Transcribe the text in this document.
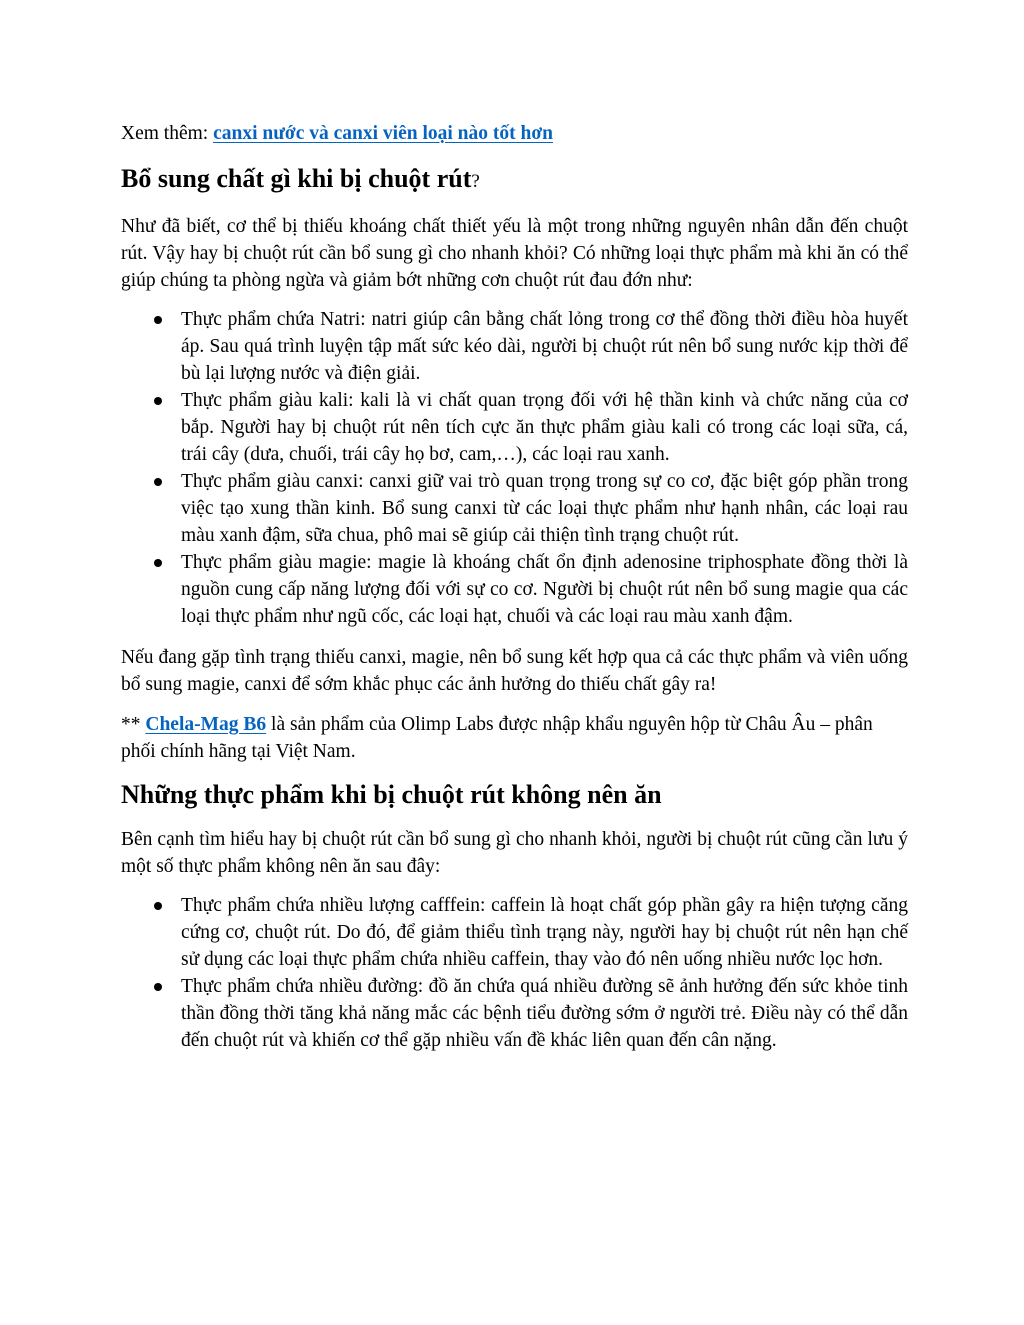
Xem thêm: canxi nước và canxi viên loại nào tốt hơn

Bổ sung chất gì khi bị chuột rút?

Như đã biết, cơ thể bị thiếu khoáng chất thiết yếu là một trong những nguyên nhân dẫn đến chuột rút. Vậy hay bị chuột rút cần bổ sung gì cho nhanh khỏi? Có những loại thực phẩm mà khi ăn có thể giúp chúng ta phòng ngừa và giảm bớt những cơn chuột rút đau đớn như:

Thực phẩm chứa Natri: natri giúp cân bằng chất lỏng trong cơ thể đồng thời điều hòa huyết áp. Sau quá trình luyện tập mất sức kéo dài, người bị chuột rút nên bổ sung nước kịp thời để bù lại lượng nước và điện giải.
Thực phẩm giàu kali: kali là vi chất quan trọng đối với hệ thần kinh và chức năng của cơ bắp. Người hay bị chuột rút nên tích cực ăn thực phẩm giàu kali có trong các loại sữa, cá, trái cây (dưa, chuối, trái cây họ bơ, cam,…), các loại rau xanh.
Thực phẩm giàu canxi: canxi giữ vai trò quan trọng trong sự co cơ, đặc biệt góp phần trong việc tạo xung thần kinh. Bổ sung canxi từ các loại thực phẩm như hạnh nhân, các loại rau màu xanh đậm, sữa chua, phô mai sẽ giúp cải thiện tình trạng chuột rút.
Thực phẩm giàu magie: magie là khoáng chất ổn định adenosine triphosphate đồng thời là nguồn cung cấp năng lượng đối với sự co cơ. Người bị chuột rút nên bổ sung magie qua các loại thực phẩm như ngũ cốc, các loại hạt, chuối và các loại rau màu xanh đậm.

Nếu đang gặp tình trạng thiếu canxi, magie, nên bổ sung kết hợp qua cả các thực phẩm và viên uống bổ sung magie, canxi để sớm khắc phục các ảnh hưởng do thiếu chất gây ra!

** Chela-Mag B6 là sản phẩm của Olimp Labs được nhập khẩu nguyên hộp từ Châu Âu – phân phối chính hãng tại Việt Nam.

Những thực phẩm khi bị chuột rút không nên ăn

Bên cạnh tìm hiểu hay bị chuột rút cần bổ sung gì cho nhanh khỏi, người bị chuột rút cũng cần lưu ý một số thực phẩm không nên ăn sau đây:

Thực phẩm chứa nhiều lượng cafffein: caffein là hoạt chất góp phần gây ra hiện tượng căng cứng cơ, chuột rút. Do đó, để giảm thiểu tình trạng này, người hay bị chuột rút nên hạn chế sử dụng các loại thực phẩm chứa nhiều caffein, thay vào đó nên uống nhiều nước lọc hơn.
Thực phẩm chứa nhiều đường: đồ ăn chứa quá nhiều đường sẽ ảnh hưởng đến sức khỏe tinh thần đồng thời tăng khả năng mắc các bệnh tiểu đường sớm ở người trẻ. Điều này có thể dẫn đến chuột rút và khiến cơ thể gặp nhiều vấn đề khác liên quan đến cân nặng.
